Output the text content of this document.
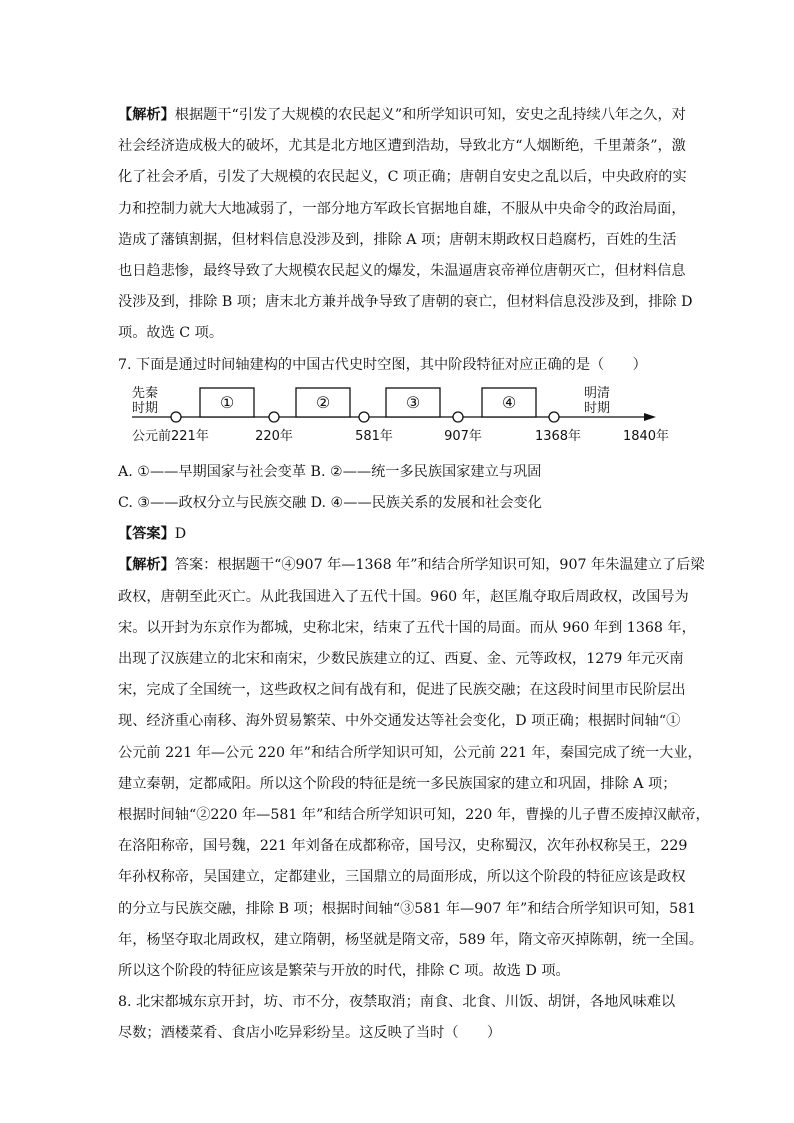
【解析】根据题干“引发了大规模的农民起义”和所学知识可知，安史之乱持续八年之久，对
社会经济造成极大的破坏，尤其是北方地区遭到浩劫，导致北方“人烟断绝，千里萧条”，激
化了社会矛盾，引发了大规模的农民起义，C 项正确；唐朝自安史之乱以后，中央政府的实
力和控制力就大大地减弱了，一部分地方军政长官据地自雄，不服从中央命令的政治局面，
造成了藩镇割据，但材料信息没涉及到，排除 A 项；唐朝末期政权日趋腐朽，百姓的生活
也日趋悲惨，最终导致了大规模农民起义的爆发，朱温逼唐哀帝禅位唐朝灭亡，但材料信息
没涉及到，排除 B 项；唐末北方兼并战争导致了唐朝的衰亡，但材料信息没涉及到，排除 D
项。故选 C 项。
7. 下面是通过时间轴建构的中国古代史时空图，其中阶段特征对应正确的是（　　）
先秦
时期
明清
时期
①	②	③	④
公元前221年	220年	581年	907年	1368年	1840年
A. ①——早期国家与社会变革 B. ②——统一多民族国家建立与巩固
C. ③——政权分立与民族交融 D. ④——民族关系的发展和社会变化
【答案】D
【解析】答案：根据题干“④907 年—1368 年”和结合所学知识可知，907 年朱温建立了后梁
政权，唐朝至此灭亡。从此我国进入了五代十国。960 年，赵匡胤夺取后周政权，改国号为
宋。以开封为东京作为都城，史称北宋，结束了五代十国的局面。而从 960 年到 1368 年，
出现了汉族建立的北宋和南宋，少数民族建立的辽、西夏、金、元等政权，1279 年元灭南
宋，完成了全国统一，这些政权之间有战有和，促进了民族交融；在这段时间里市民阶层出
现、经济重心南移、海外贸易繁荣、中外交通发达等社会变化，D 项正确；根据时间轴“①
公元前 221 年—公元 220 年”和结合所学知识可知，公元前 221 年，秦国完成了统一大业，
建立秦朝，定都咸阳。所以这个阶段的特征是统一多民族国家的建立和巩固，排除 A 项；
根据时间轴“②220 年—581 年”和结合所学知识可知，220 年，曹操的儿子曹丕废掉汉献帝，
在洛阳称帝，国号魏，221 年刘备在成都称帝，国号汉，史称蜀汉，次年孙权称吴王，229
年孙权称帝，吴国建立，定都建业，三国鼎立的局面形成，所以这个阶段的特征应该是政权
的分立与民族交融，排除 B 项；根据时间轴“③581 年—907 年”和结合所学知识可知，581
年，杨坚夺取北周政权，建立隋朝，杨坚就是隋文帝，589 年，隋文帝灭掉陈朝，统一全国。
所以这个阶段的特征应该是繁荣与开放的时代，排除 C 项。故选 D 项。
8. 北宋都城东京开封，坊、市不分，夜禁取消；南食、北食、川饭、胡饼，各地风味难以
尽数；酒楼菜肴、食店小吃异彩纷呈。这反映了当时（　　）
